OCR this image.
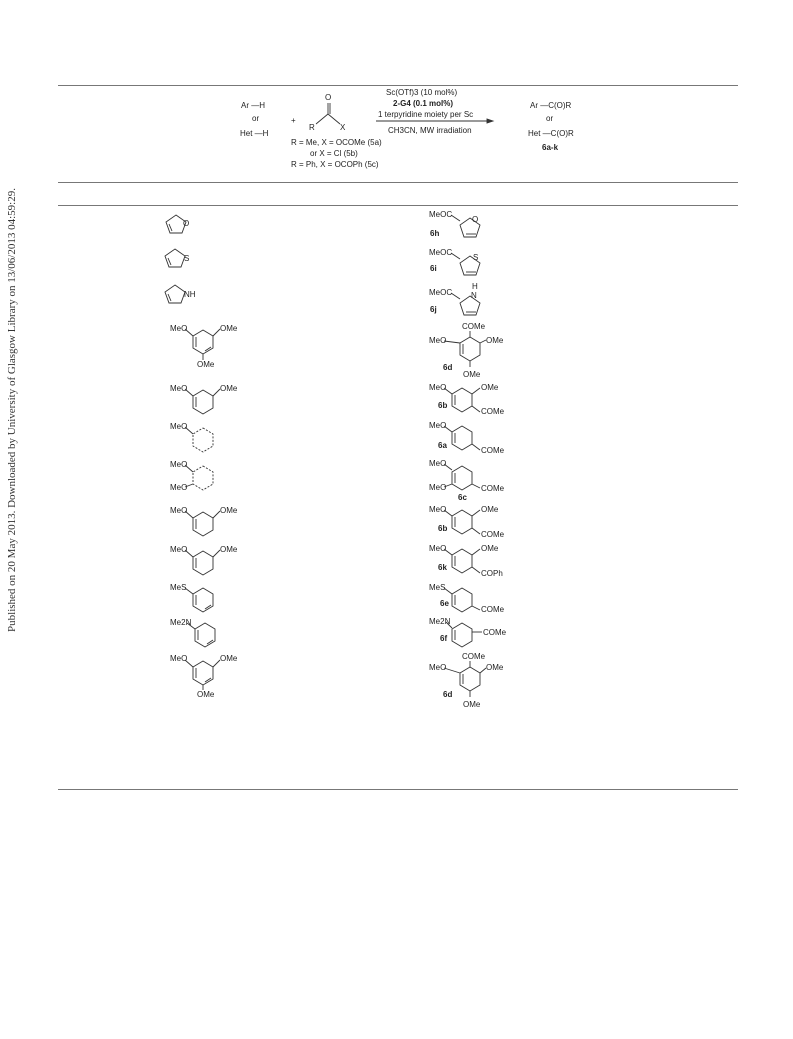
Published on 20 May 2013. Downloaded by University of Glasgow Library on 13/06/2013 04:59:29.
Ar —H
or
Het —H
+
O
R	X
Sc(OTf)3 (10 mol%)
2-G4 (0.1 mol%)
1 terpyridine moiety per Sc
CH3CN, MW irradiation
R = Me, X = OCOMe (5a)
or X = Cl (5b)
R = Ph, X = OCOPh (5c)
Ar —C(O)R
or
Het —C(O)R
6a-k
O
MeOC
O
6h
S
MeOC
S
6i
NH	MeOC
H
N
6j
MeO	OMe
OMe
COMe
MeO	OMe
OMe
6d
MeO	OMe	MeO	OMe
COMe
6b
MeO	MeO
COMe
6a
MeO
MeO
MeO
MeO	COMe
6c
MeO	OMe	MeO	OMe
COMe
6b
MeO	OMe	MeO	OMe
COPh
6k
MeS	MeS
COMe
6e
Me2N	Me2N
COMe
6f
MeO	OMe
OMe
COMe
MeO	OMe
OMe
6d
